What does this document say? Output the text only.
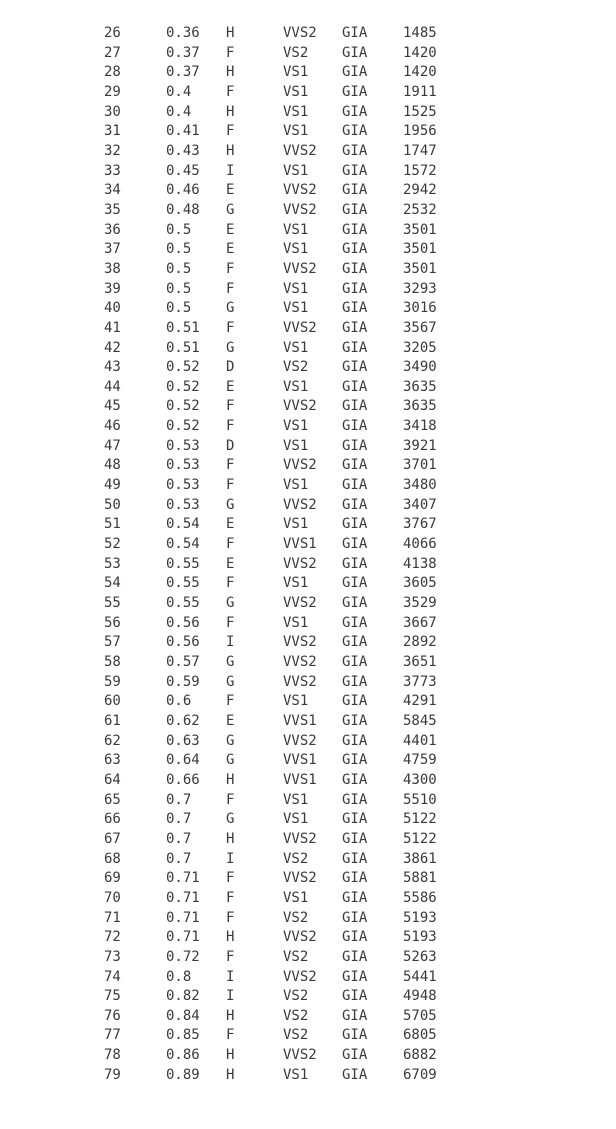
26	0.36	H	VVS2	GIA	1485
27	0.37	F	VS2	GIA	1420
28	0.37	H	VS1	GIA	1420
29	0.4	F	VS1	GIA	1911
30	0.4	H	VS1	GIA	1525
31	0.41	F	VS1	GIA	1956
32	0.43	H	VVS2	GIA	1747
33	0.45	I	VS1	GIA	1572
34	0.46	E	VVS2	GIA	2942
35	0.48	G	VVS2	GIA	2532
36	0.5	E	VS1	GIA	3501
37	0.5	E	VS1	GIA	3501
38	0.5	F	VVS2	GIA	3501
39	0.5	F	VS1	GIA	3293
40	0.5	G	VS1	GIA	3016
41	0.51	F	VVS2	GIA	3567
42	0.51	G	VS1	GIA	3205
43	0.52	D	VS2	GIA	3490
44	0.52	E	VS1	GIA	3635
45	0.52	F	VVS2	GIA	3635
46	0.52	F	VS1	GIA	3418
47	0.53	D	VS1	GIA	3921
48	0.53	F	VVS2	GIA	3701
49	0.53	F	VS1	GIA	3480
50	0.53	G	VVS2	GIA	3407
51	0.54	E	VS1	GIA	3767
52	0.54	F	VVS1	GIA	4066
53	0.55	E	VVS2	GIA	4138
54	0.55	F	VS1	GIA	3605
55	0.55	G	VVS2	GIA	3529
56	0.56	F	VS1	GIA	3667
57	0.56	I	VVS2	GIA	2892
58	0.57	G	VVS2	GIA	3651
59	0.59	G	VVS2	GIA	3773
60	0.6	F	VS1	GIA	4291
61	0.62	E	VVS1	GIA	5845
62	0.63	G	VVS2	GIA	4401
63	0.64	G	VVS1	GIA	4759
64	0.66	H	VVS1	GIA	4300
65	0.7	F	VS1	GIA	5510
66	0.7	G	VS1	GIA	5122
67	0.7	H	VVS2	GIA	5122
68	0.7	I	VS2	GIA	3861
69	0.71	F	VVS2	GIA	5881
70	0.71	F	VS1	GIA	5586
71	0.71	F	VS2	GIA	5193
72	0.71	H	VVS2	GIA	5193
73	0.72	F	VS2	GIA	5263
74	0.8	I	VVS2	GIA	5441
75	0.82	I	VS2	GIA	4948
76	0.84	H	VS2	GIA	5705
77	0.85	F	VS2	GIA	6805
78	0.86	H	VVS2	GIA	6882
79	0.89	H	VS1	GIA	6709
